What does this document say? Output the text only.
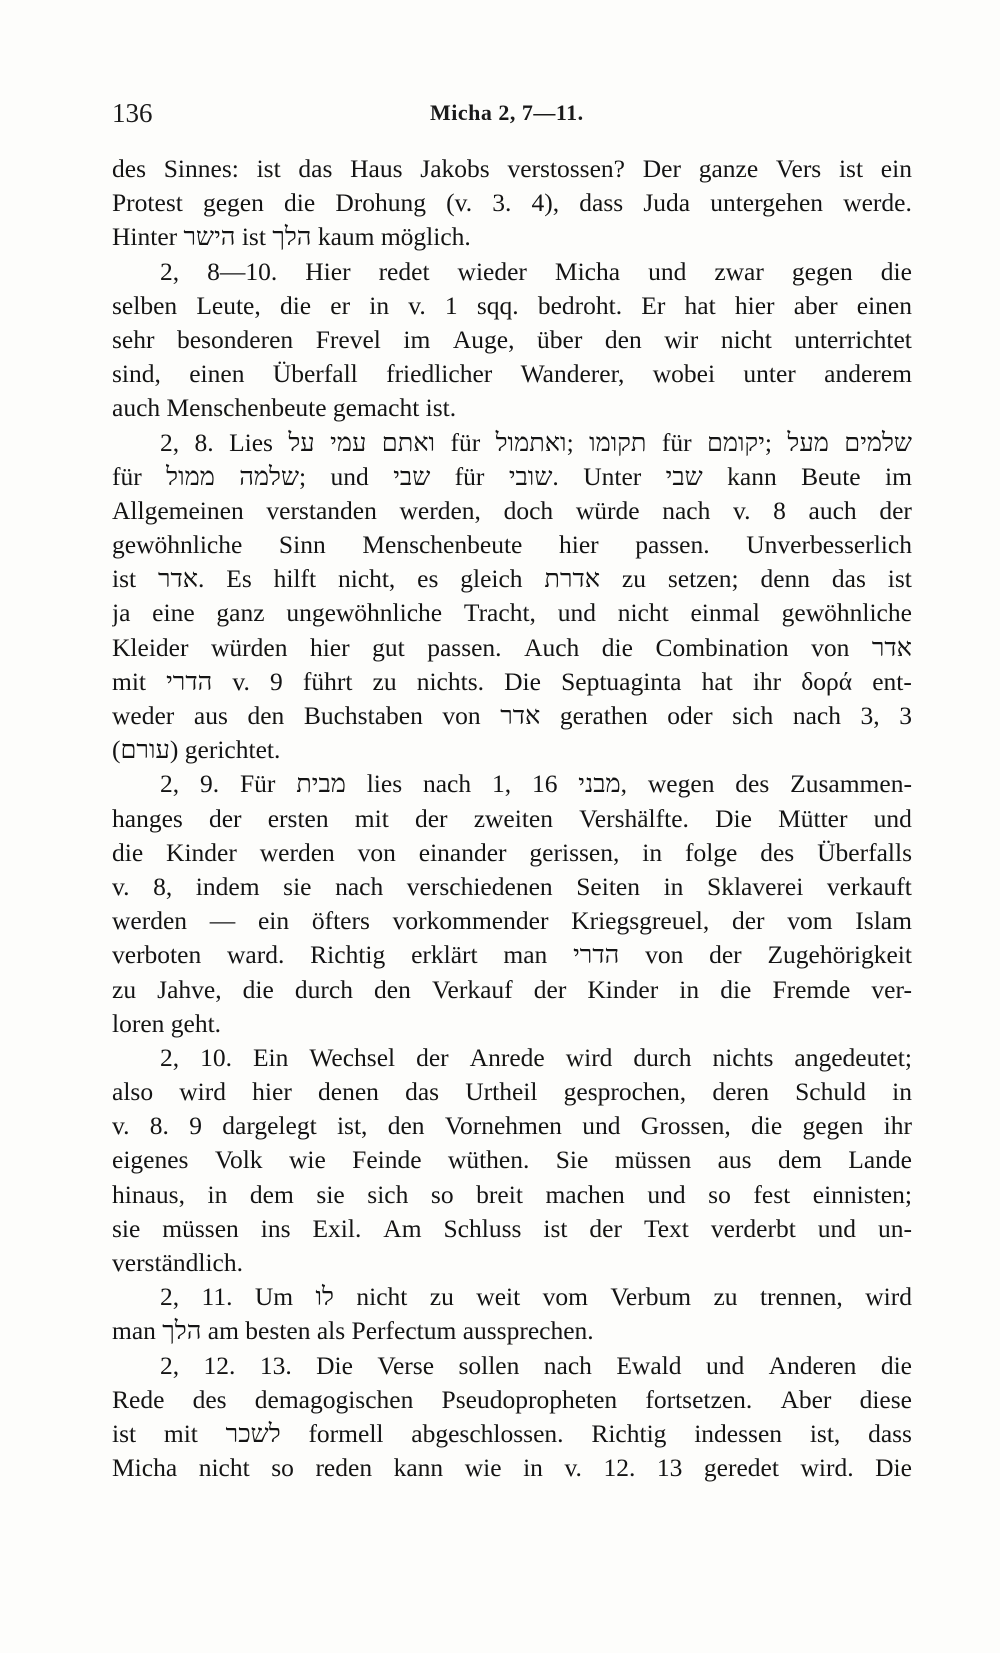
136	Micha 2, 7—11.
des Sinnes: ist das Haus Jakobs verstossen? Der ganze Vers ist ein
Protest gegen die Drohung (v. 3. 4), dass Juda untergehen werde.
Hinter הישר ist הלך kaum möglich.
2, 8—10. Hier redet wieder Micha und zwar gegen die
selben Leute, die er in v. 1 sqq. bedroht. Er hat hier aber einen
sehr besonderen Frevel im Auge, über den wir nicht unterrichtet
sind, einen Überfall friedlicher Wanderer, wobei unter anderem
auch Menschenbeute gemacht ist.
2, 8. Lies על עמי ואתם für ואתמול; תקומו für יקומם; מעל שלמים
für ממול שלמה; und שבי für שובי. Unter שבי kann Beute im
Allgemeinen verstanden werden, doch würde nach v. 8 auch der
gewöhnliche Sinn Menschenbeute hier passen. Unverbesserlich
ist אדר. Es hilft nicht, es gleich אדרת zu setzen; denn das ist
ja eine ganz ungewöhnliche Tracht, und nicht einmal gewöhnliche
Kleider würden hier gut passen. Auch die Combination von אדר
mit הדרי v. 9 führt zu nichts. Die Septuaginta hat ihr δορά ent-
weder aus den Buchstaben von אדר gerathen oder sich nach 3, 3
(עורם) gerichtet.
2, 9. Für מבית lies nach 1, 16 מבני, wegen des Zusammen-
hanges der ersten mit der zweiten Vershälfte. Die Mütter und
die Kinder werden von einander gerissen, in folge des Überfalls
v. 8, indem sie nach verschiedenen Seiten in Sklaverei verkauft
werden — ein öfters vorkommender Kriegsgreuel, der vom Islam
verboten ward. Richtig erklärt man הדרי von der Zugehörigkeit
zu Jahve, die durch den Verkauf der Kinder in die Fremde ver-
loren geht.
2, 10. Ein Wechsel der Anrede wird durch nichts angedeutet;
also wird hier denen das Urtheil gesprochen, deren Schuld in
v. 8. 9 dargelegt ist, den Vornehmen und Grossen, die gegen ihr
eigenes Volk wie Feinde wüthen. Sie müssen aus dem Lande
hinaus, in dem sie sich so breit machen und so fest einnisten;
sie müssen ins Exil. Am Schluss ist der Text verderbt und un-
verständlich.
2, 11. Um לו nicht zu weit vom Verbum zu trennen, wird
man הלך am besten als Perfectum aussprechen.
2, 12. 13. Die Verse sollen nach Ewald und Anderen die
Rede des demagogischen Pseudopropheten fortsetzen. Aber diese
ist mit לשכר formell abgeschlossen. Richtig indessen ist, dass
Micha nicht so reden kann wie in v. 12. 13 geredet wird. Die
